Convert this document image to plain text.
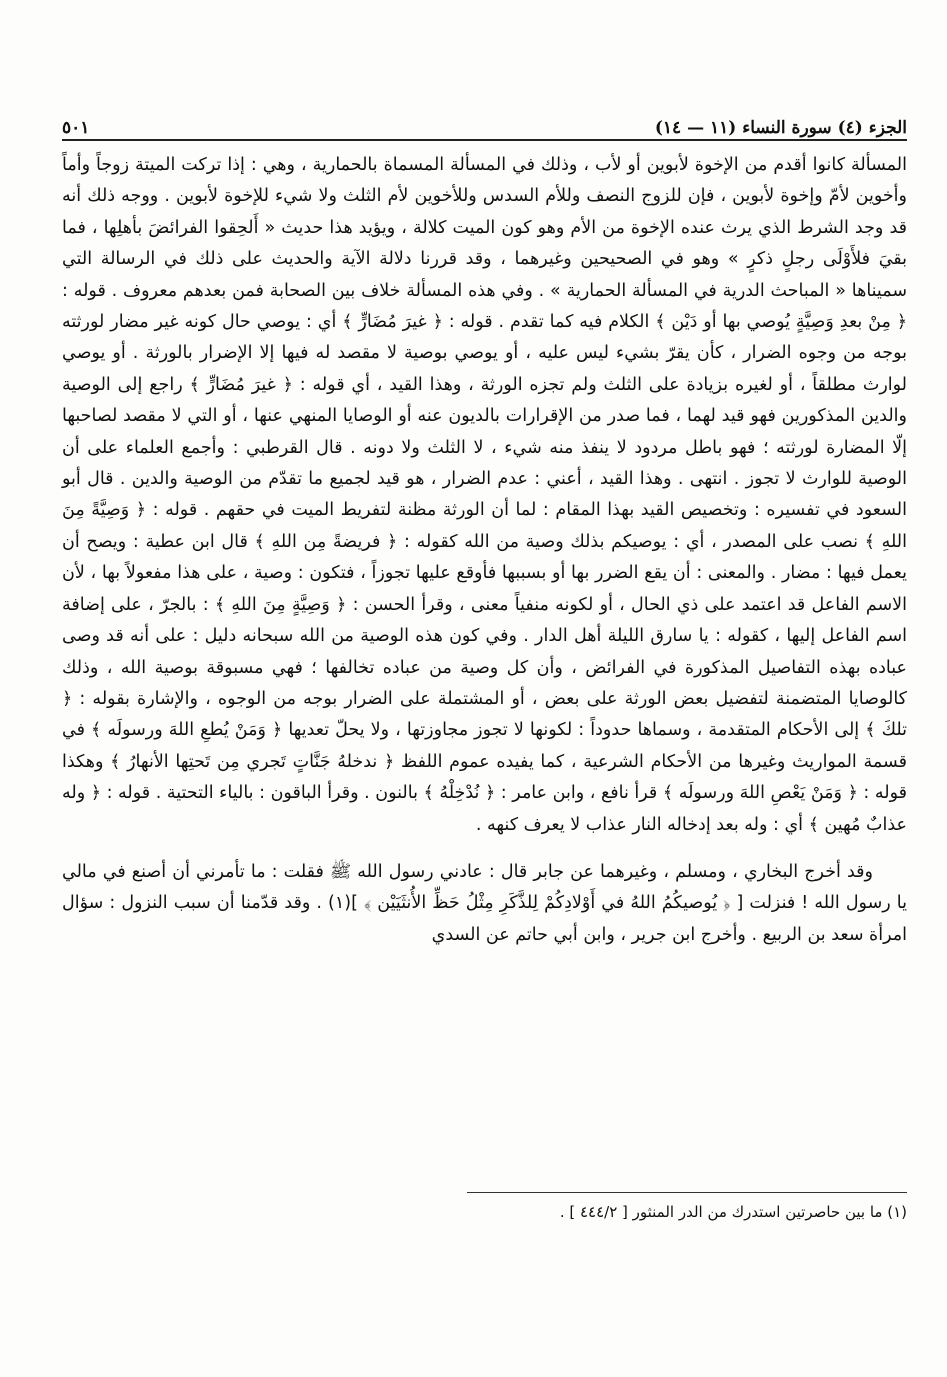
الجزء (٤) سورة النساء (١١ — ١٤)
٥٠١

المسألة كانوا أقدم من الإخوة لأبوين أو لأب ، وذلك في المسألة المسماة بالحمارية ، وهي : إذا تركت الميتة زوجاً وأماً وأخوين لأمّ وإخوة لأبوين ، فإن للزوج النصف وللأم السدس وللأخوين لأم الثلث ولا شيء للإخوة لأبوين . ووجه ذلك أنه قد وجد الشرط الذي يرث عنده الإخوة من الأم وهو كون الميت كلالة ، ويؤيد هذا حديث « أَلحِقوا الفرائضَ بأهلِها ، فما بقيَ فلأَوْلَى رجلٍ ذكرٍ » وهو في الصحيحين وغيرهما ، وقد قررنا دلالة الآية والحديث على ذلك في الرسالة التي سميناها « المباحث الدرية في المسألة الحمارية » . وفي هذه المسألة خلاف بين الصحابة فمن بعدهم معروف . قوله : ﴿ مِنْ بعدِ وَصِيَّةٍ يُوصي بها أو دَيْن ﴾ الكلام فيه كما تقدم . قوله : ﴿ غيرَ مُضَارٍّ ﴾ أي : يوصي حال كونه غير مضار لورثته بوجه من وجوه الضرار ، كأن يقرّ بشيء ليس عليه ، أو يوصي بوصية لا مقصد له فيها إلا الإضرار بالورثة . أو يوصي لوارث مطلقاً ، أو لغيره بزيادة على الثلث ولم تجزه الورثة ، وهذا القيد ، أي قوله : ﴿ غيرَ مُضَارٍّ ﴾ راجع إلى الوصية والدين المذكورين فهو قيد لهما ، فما صدر من الإقرارات بالديون عنه أو الوصايا المنهي عنها ، أو التي لا مقصد لصاحبها إلّا المضارة لورثته ؛ فهو باطل مردود لا ينفذ منه شيء ، لا الثلث ولا دونه . قال القرطبي : وأجمع العلماء على أن الوصية للوارث لا تجوز . انتهى . وهذا القيد ، أعني : عدم الضرار ، هو قيد لجميع ما تقدّم من الوصية والدين . قال أبو السعود في تفسيره : وتخصيص القيد بهذا المقام : لما أن الورثة مظنة لتفريط الميت في حقهم . قوله : ﴿ وَصِيَّةً مِنَ اللهِ ﴾ نصب على المصدر ، أي : يوصيكم بذلك وصية من الله كقوله : ﴿ فريضةً مِن اللهِ ﴾ قال ابن عطية : ويصح أن يعمل فيها : مضار . والمعنى : أن يقع الضرر بها أو بسببها فأوقع عليها تجوزاً ، فتكون : وصية ، على هذا مفعولاً بها ، لأن الاسم الفاعل قد اعتمد على ذي الحال ، أو لكونه منفياً معنى ، وقرأ الحسن : ﴿ وَصِيَّةٍ مِنَ اللهِ ﴾ : بالجرّ ، على إضافة اسم الفاعل إليها ، كقوله : يا سارق الليلة أهل الدار . وفي كون هذه الوصية من الله سبحانه دليل : على أنه قد وصى عباده بهذه التفاصيل المذكورة في الفرائض ، وأن كل وصية من عباده تخالفها ؛ فهي مسبوقة بوصية الله ، وذلك كالوصايا المتضمنة لتفضيل بعض الورثة على بعض ، أو المشتملة على الضرار بوجه من الوجوه ، والإشارة بقوله : ﴿ تلكَ ﴾ إلى الأحكام المتقدمة ، وسماها حدوداً : لكونها لا تجوز مجاوزتها ، ولا يحلّ تعديها ﴿ وَمَنْ يُطعِ اللهَ ورسولَه ﴾ في قسمة المواريث وغيرها من الأحكام الشرعية ، كما يفيده عموم اللفظ ﴿ ندخلهُ جَنَّاتٍ تَجري مِن تَحتِها الأنهارُ ﴾ وهكذا قوله : ﴿ وَمَنْ يَعْصِ اللهَ ورسولَه ﴾ قرأ نافع ، وابن عامر : ﴿ نُدْخِلْهُ ﴾ بالنون . وقرأ الباقون : بالياء التحتية . قوله : ﴿ وله عذابٌ مُهين ﴾ أي : وله بعد إدخاله النار عذاب لا يعرف كنهه .

وقد أخرج البخاري ، ومسلم ، وغيرهما عن جابر قال : عادني رسول الله ﷺ فقلت : ما تأمرني أن أصنع في مالي يا رسول الله ! فنزلت [ ﴿ يُوصيكُمُ اللهُ في أَوْلادِكُمْ لِلذَّكَرِ مِثْلُ حَظِّ الأُنثَيَيْن ﴾ ](١) . وقد قدّمنا أن سبب النزول : سؤال امرأة سعد بن الربيع . وأخرج ابن جرير ، وابن أبي حاتم عن السدي

(١) ما بين حاصرتين استدرك من الدر المنثور [ ٤٤٤/٢ ] .
